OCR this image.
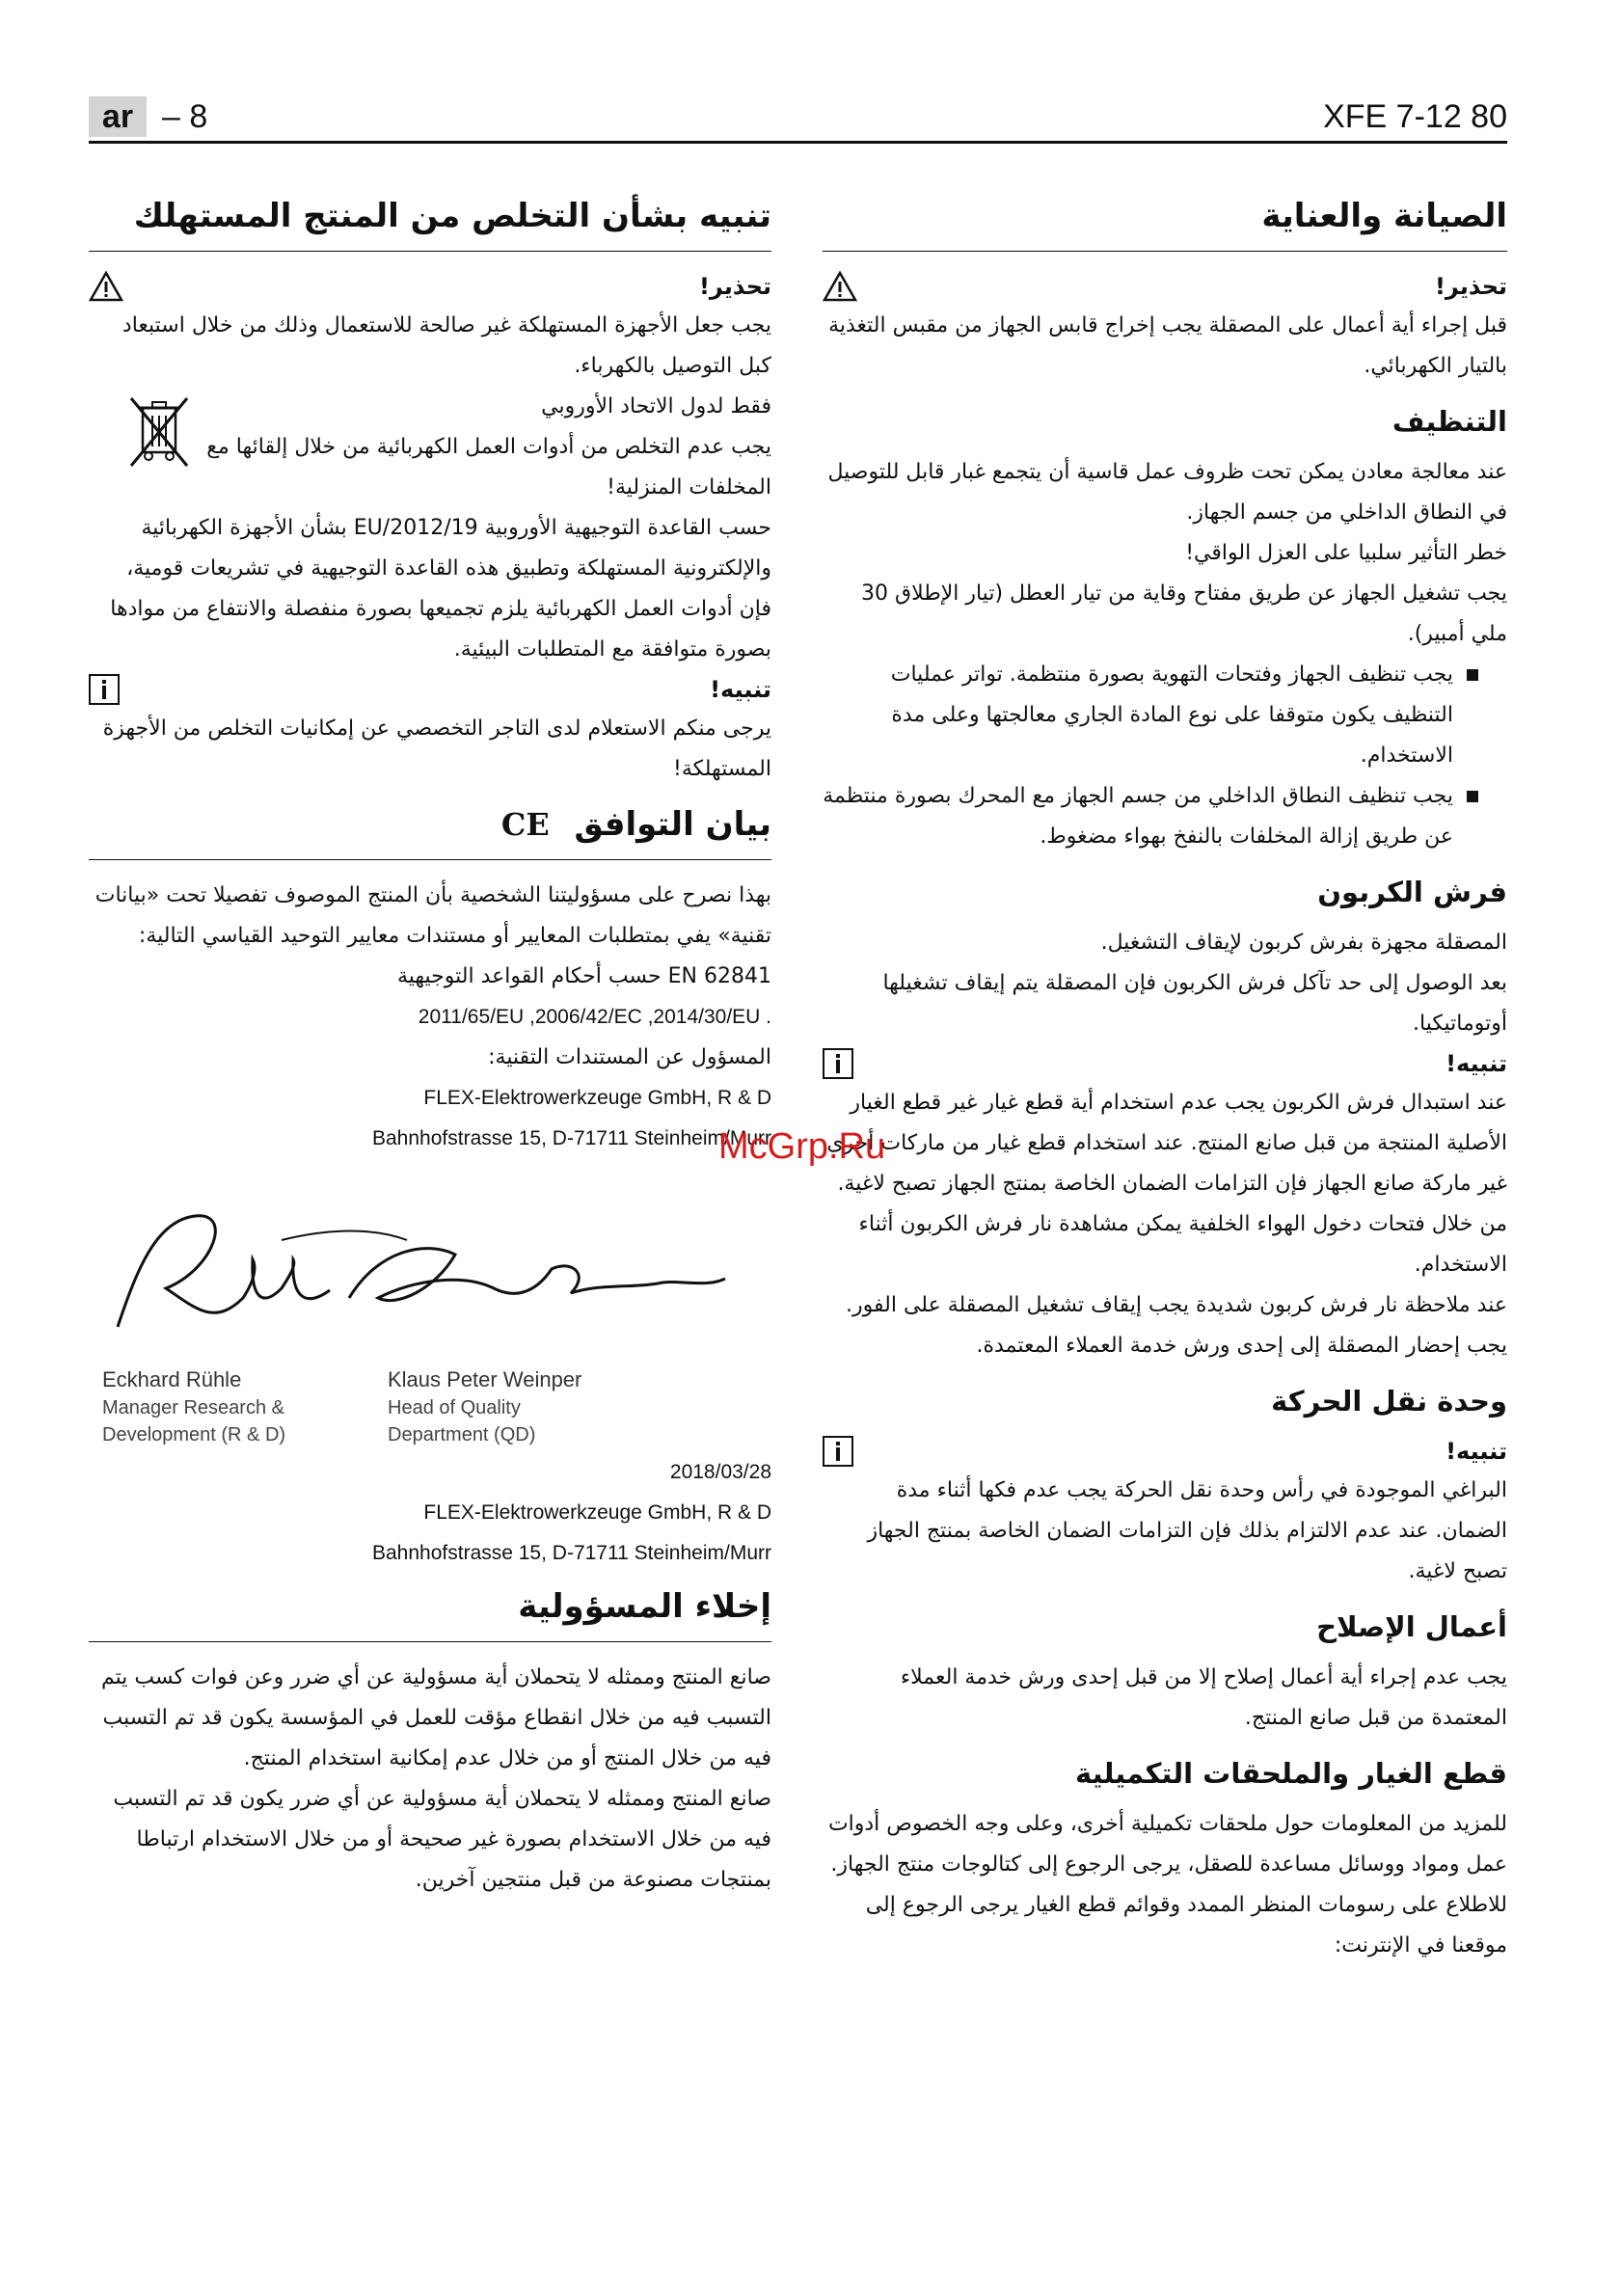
ar – 8	XFE 7-12 80
الصيانة والعناية
تحذير!

قبل إجراء أية أعمال على المصقلة يجب إخراج قابس الجهاز من مقبس التغذية بالتيار الكهربائي.

التنظيف

عند معالجة معادن يمكن تحت ظروف عمل قاسية أن يتجمع غبار قابل للتوصيل في النطاق الداخلي من جسم الجهاز.

خطر التأثير سلبيا على العزل الواقي!

يجب تشغيل الجهاز عن طريق مفتاح وقاية من تيار العطل (تيار الإطلاق 30 ملي أمبير).

يجب تنظيف الجهاز وفتحات التهوية بصورة منتظمة. تواتر عمليات التنظيف يكون متوقفا على نوع المادة الجاري معالجتها وعلى مدة الاستخدام.
يجب تنظيف النطاق الداخلي من جسم الجهاز مع المحرك بصورة منتظمة عن طريق إزالة المخلفات بالنفخ بهواء مضغوط.
فرش الكربون

المصقلة مجهزة بفرش كربون لإيقاف التشغيل.

بعد الوصول إلى حد تآكل فرش الكربون فإن المصقلة يتم إيقاف تشغيلها أوتوماتيكيا.

تنبيه!

عند استبدال فرش الكربون يجب عدم استخدام أية قطع غيار غير قطع الغيار الأصلية المنتجة من قبل صانع المنتج. عند استخدام قطع غيار من ماركات أخرى غير ماركة صانع الجهاز فإن التزامات الضمان الخاصة بمنتج الجهاز تصبح لاغية.

من خلال فتحات دخول الهواء الخلفية يمكن مشاهدة نار فرش الكربون أثناء الاستخدام.

عند ملاحظة نار فرش كربون شديدة يجب إيقاف تشغيل المصقلة على الفور. يجب إحضار المصقلة إلى إحدى ورش خدمة العملاء المعتمدة.

وحدة نقل الحركة
تنبيه!

البراغي الموجودة في رأس وحدة نقل الحركة يجب عدم فكها أثناء مدة الضمان. عند عدم الالتزام بذلك فإن التزامات الضمان الخاصة بمنتج الجهاز تصبح لاغية.

أعمال الإصلاح

يجب عدم إجراء أية أعمال إصلاح إلا من قبل إحدى ورش خدمة العملاء المعتمدة من قبل صانع المنتج.

قطع الغيار والملحقات التكميلية

للمزيد من المعلومات حول ملحقات تكميلية أخرى، وعلى وجه الخصوص أدوات عمل ومواد ووسائل مساعدة للصقل، يرجى الرجوع إلى كتالوجات منتج الجهاز.

للاطلاع على رسومات المنظر الممدد وقوائم قطع الغيار يرجى الرجوع إلى موقعنا في الإنترنت:

تنبيه بشأن التخلص من المنتج المستهلك
تحذير!

يجب جعل الأجهزة المستهلكة غير صالحة للاستعمال وذلك من خلال استبعاد كبل التوصيل بالكهرباء.

فقط لدول الاتحاد الأوروبي

يجب عدم التخلص من أدوات العمل الكهربائية من خلال إلقائها مع المخلفات المنزلية!

حسب القاعدة التوجيهية الأوروبية 2012/19/EU بشأن الأجهزة الكهربائية والإلكترونية المستهلكة وتطبيق هذه القاعدة التوجيهية في تشريعات قومية، فإن أدوات العمل الكهربائية يلزم تجميعها بصورة منفصلة والانتفاع من موادها بصورة متوافقة مع المتطلبات البيئية.

تنبيه!

يرجى منكم الاستعلام لدى التاجر التخصصي عن إمكانيات التخلص من الأجهزة المستهلكة!

بيان التوافق CE

بهذا نصرح على مسؤوليتنا الشخصية بأن المنتج الموصوف تفصيلا تحت «بيانات تقنية» يفي بمتطلبات المعايير أو مستندات معايير التوحيد القياسي التالية:

EN 62841 حسب أحكام القواعد التوجيهية

2011/65/EU ,2006/42/EC ,2014/30/EU .

المسؤول عن المستندات التقنية:

FLEX-Elektrowerkzeuge GmbH, R & D

Bahnhofstrasse 15, D-71711 Steinheim/Murr

Eckhard Rühle
Manager Research &
Development (R & D)
Klaus Peter Weinper
Head of Quality
Department (QD)

2018/03/28

FLEX-Elektrowerkzeuge GmbH, R & D

Bahnhofstrasse 15, D-71711 Steinheim/Murr

إخلاء المسؤولية

صانع المنتج وممثله لا يتحملان أية مسؤولية عن أي ضرر وعن فوات كسب يتم التسبب فيه من خلال انقطاع مؤقت للعمل في المؤسسة يكون قد تم التسبب فيه من خلال المنتج أو من خلال عدم إمكانية استخدام المنتج.

صانع المنتج وممثله لا يتحملان أية مسؤولية عن أي ضرر يكون قد تم التسبب فيه من خلال الاستخدام بصورة غير صحيحة أو من خلال الاستخدام ارتباطا بمنتجات مصنوعة من قبل منتجين آخرين.

McGrp.Ru
